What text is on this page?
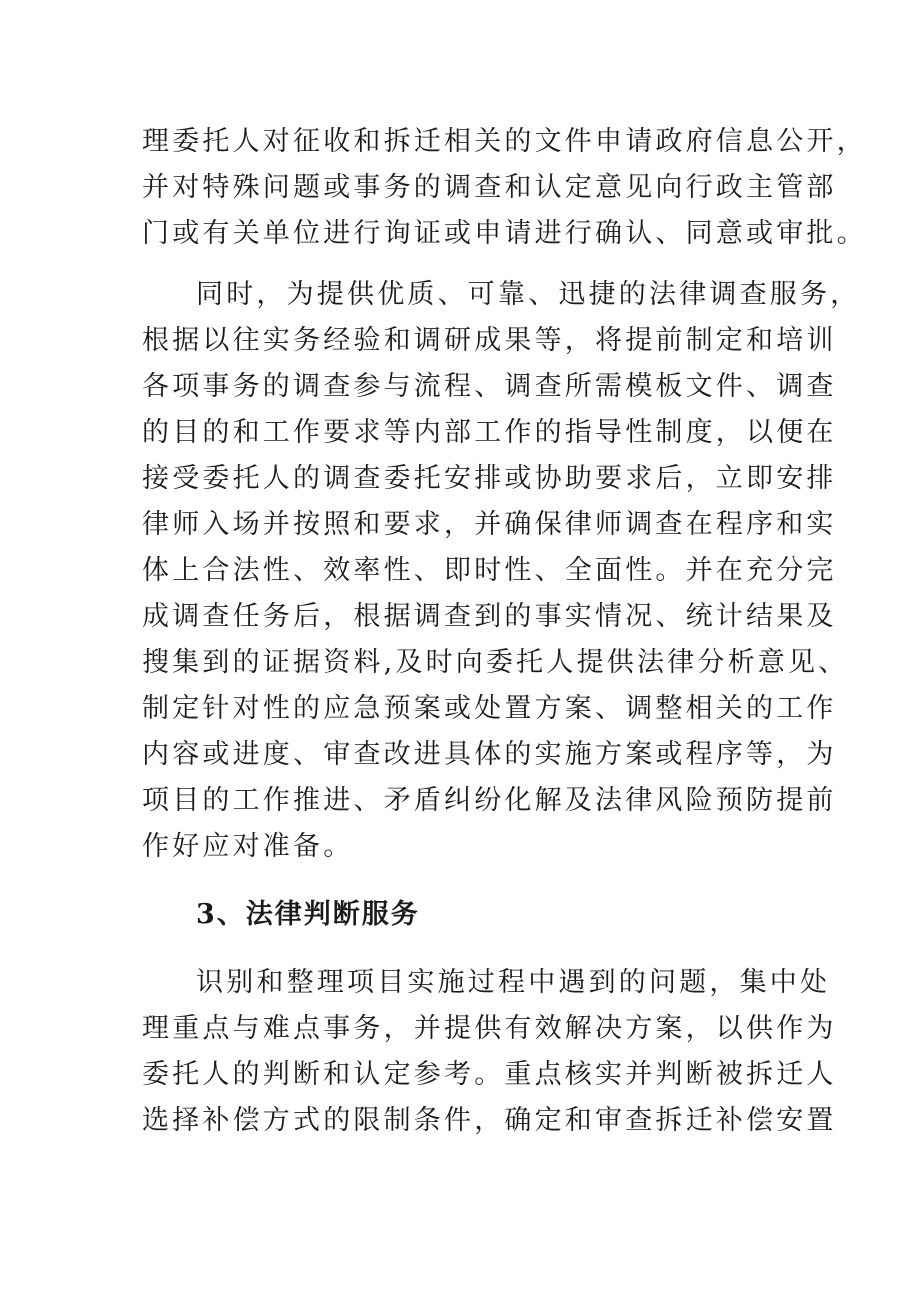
理委托人对征收和拆迁相关的文件申请政府信息公开，
并对特殊问题或事务的调查和认定意见向行政主管部
门或有关单位进行询证或申请进行确认、同意或审批。
同时，为提供优质、可靠、迅捷的法律调查服务，
根据以往实务经验和调研成果等，将提前制定和培训
各项事务的调查参与流程、调查所需模板文件、调查
的目的和工作要求等内部工作的指导性制度，以便在
接受委托人的调查委托安排或协助要求后，立即安排
律师入场并按照和要求，并确保律师调查在程序和实
体上合法性、效率性、即时性、全面性。并在充分完
成调查任务后，根据调查到的事实情况、统计结果及
搜集到的证据资料,及时向委托人提供法律分析意见、
制定针对性的应急预案或处置方案、调整相关的工作
内容或进度、审查改进具体的实施方案或程序等，为
项目的工作推进、矛盾纠纷化解及法律风险预防提前
作好应对准备。
3、法律判断服务
识别和整理项目实施过程中遇到的问题，集中处
理重点与难点事务，并提供有效解决方案，以供作为
委托人的判断和认定参考。重点核实并判断被拆迁人
选择补偿方式的限制条件，确定和审查拆迁补偿安置
